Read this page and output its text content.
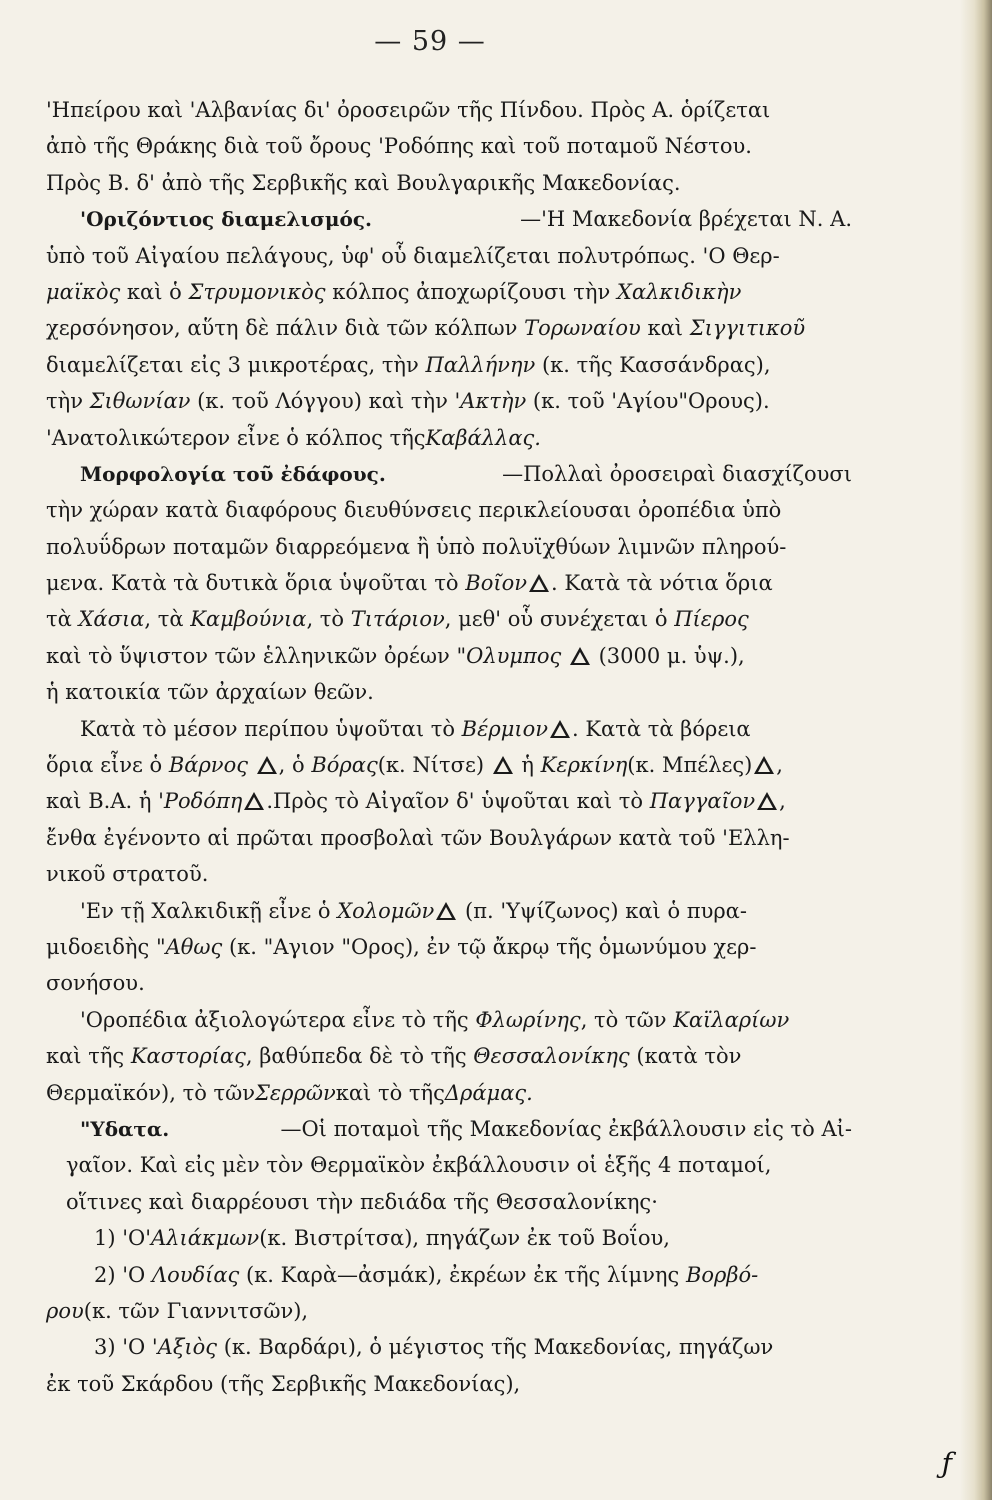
— 59 —
'Ηπείρου καὶ 'Αλβανίας δι' ὀροσειρῶν τῆς Πίνδου. Πρὸς Α. ὁρίζεται
ἀπὸ τῆς Θράκης διὰ τοῦ ὄρους 'Ροδόπης καὶ τοῦ ποταμοῦ Νέστου.
Πρὸς Β. δ' ἀπὸ τῆς Σερβικῆς καὶ Βουλγαρικῆς Μακεδονίας.
'Οριζόντιος διαμελισμός.	—'Η Μακεδονία βρέχεται Ν. Α.
ὑπὸ τοῦ Αἰγαίου πελάγους, ὑφ' οὗ διαμελίζεται πολυτρόπως. 'Ο Θερ-
μαϊκὸς καὶ ὁ Στρυμονικὸς κόλπος ἀποχωρίζουσι τὴν Χαλκιδικὴν
χερσόνησον, αὕτη δὲ πάλιν διὰ τῶν κόλπων Τορωναίου καὶ Σιγγιτικοῦ
διαμελίζεται εἰς 3 μικροτέρας, τὴν Παλλήνην (κ. τῆς Κασσάνδρας),
τὴν Σιθωνίαν (κ. τοῦ Λόγγου) καὶ τὴν 'Ακτὴν (κ. τοῦ 'Αγίου"Ορους).
'Ανατολικώτερον εἶνε ὁ κόλπος τῆς Καβάλλας.
Μορφολογία τοῦ ἐδάφους.	—Πολλαὶ ὀροσειραὶ διασχίζουσι
τὴν χώραν κατὰ διαφόρους διευθύνσεις περικλείουσαι ὀροπέδια ὑπὸ
πολυΰδρων ποταμῶν διαρρεόμενα ἢ ὑπὸ πολυϊχθύων λιμνῶν πληρού-
μενα. Κατὰ τὰ δυτικὰ ὅρια ὑψοῦται τὸ Βοῖον . Κατὰ τὰ νότια ὅρια
τὰ Χάσια, τὰ Καμβούνια, τὸ Τιτάριον, μεθ' οὗ συνέχεται ὁ Πίερος
καὶ τὸ ὕψιστον τῶν ἑλληνικῶν ὀρέων "Ολυμπος  (3000 μ. ὑψ.),
ἡ κατοικία τῶν ἀρχαίων θεῶν.
Κατὰ τὸ μέσον περίπου ὑψοῦται τὸ Βέρμιον . Κατὰ τὰ βόρεια
ὅρια εἶνε ὁ Βάρνος , ὁ Βόρας(κ. Νίτσε)  ἡ Κερκίνη(κ. Μπέλες) ,
καὶ Β.Α. ἡ 'Ροδόπη .Πρὸς τὸ Αἰγαῖον δ' ὑψοῦται καὶ τὸ Παγγαῖον ,
ἔνθα ἐγένοντο αἱ πρῶται προσβολαὶ τῶν Βουλγάρων κατὰ τοῦ 'Ελλη-
νικοῦ στρατοῦ.
'Εν τῇ Χαλκιδικῇ εἶνε ὁ Χολομῶν (π. 'Υψίζωνος) καὶ ὁ πυρα-
μιδοειδὴς "Αθως (κ. "Αγιον "Ορος), ἐν τῷ ἄκρῳ τῆς ὁμωνύμου χερ-
σονήσου.
'Οροπέδια ἀξιολογώτερα εἶνε τὸ τῆς Φλωρίνης, τὸ τῶν Καϊλαρίων
καὶ τῆς Καστορίας, βαθύπεδα δὲ τὸ τῆς Θεσσαλονίκης (κατὰ τὸν
Θερμαϊκόν), τὸ τῶν Σερρῶν καὶ τὸ τῆς Δράμας.
"Υδατα.	—Οἱ ποταμοὶ τῆς Μακεδονίας ἐκβάλλουσιν εἰς τὸ Αἰ-
γαῖον. Καὶ εἰς μὲν τὸν Θερμαϊκὸν ἐκβάλλουσιν οἱ ἑξῆς 4 ποταμοί,
οἵτινες καὶ διαρρέουσι τὴν πεδιάδα τῆς Θεσσαλονίκης·
1) 'Ο 'Αλιάκμων (κ. Βιστρίτσα), πηγάζων ἐκ τοῦ Βοΐου,
2) 'Ο Λουδίας (κ. Καρὰ—ἀσμάκ), ἐκρέων ἐκ τῆς λίμνης Βορβό-
ρου (κ. τῶν Γιαννιτσῶν),
3) 'Ο 'Αξιὸς (κ. Βαρδάρι), ὁ μέγιστος τῆς Μακεδονίας, πηγάζων
ἐκ τοῦ Σκάρδου (τῆς Σερβικῆς Μακεδονίας),
ƒ
